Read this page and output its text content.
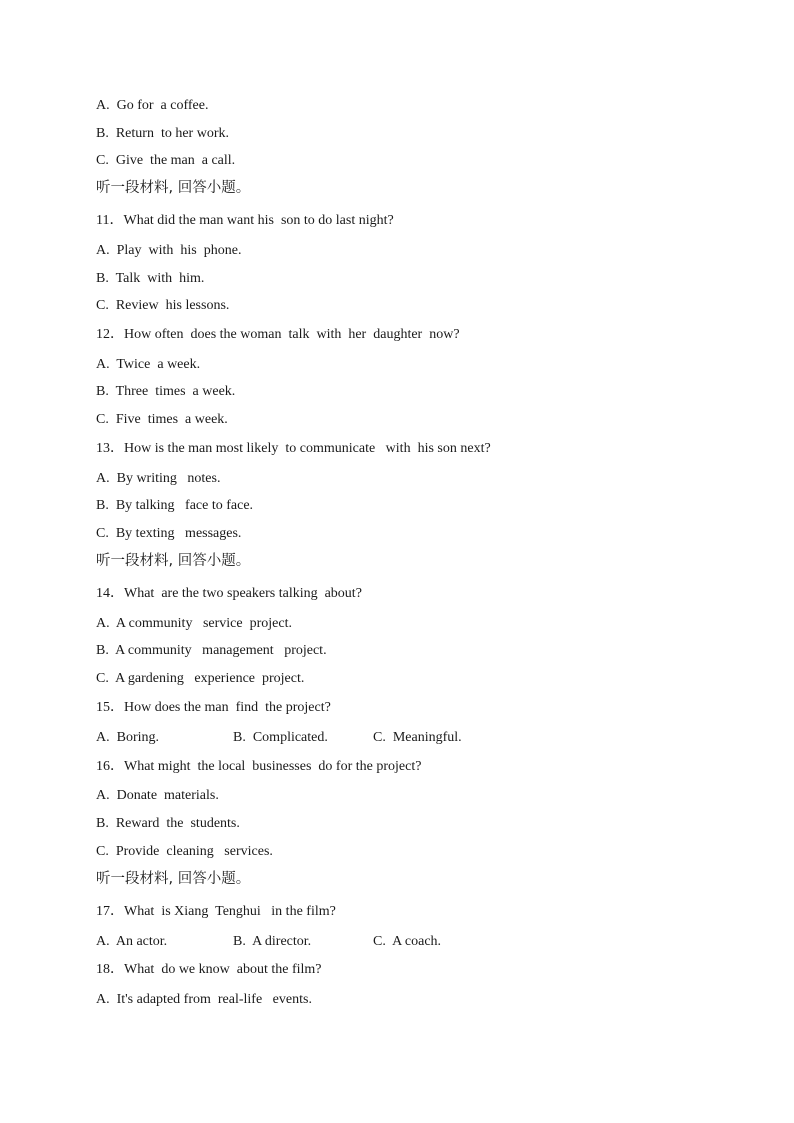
A.  Go for  a coffee.
B.  Return  to her work.
C.  Give  the man  a call.
听一段材料, 回答小题。
11．What did the man want his  son to do last night?
A.  Play  with  his  phone.
B.  Talk  with  him.
C.  Review  his lessons.
12．How often  does the woman  talk  with  her  daughter  now?
A.  Twice  a week.
B.  Three  times  a week.
C.  Five  times  a week.
13．How is the man most likely  to communicate   with  his son next?
A.  By writing   notes.
B.  By talking   face to face.
C.  By texting   messages.
听一段材料, 回答小题。
14．What  are the two speakers talking  about?
A.  A community   service  project.
B.  A community   management   project.
C.  A gardening   experience  project.
15．How does the man  find  the project?

A.  Boring.

	B.  Complicated.

	C.  Meaningful.

16．What might  the local  businesses  do for the project?
A.  Donate  materials.
B.  Reward  the  students.
C.  Provide  cleaning   services.
听一段材料, 回答小题。
17．What  is Xiang  Tenghui   in the film?

A.  An actor.

	B.  A director.

	C.  A coach.

18．What  do we know  about the film?
A.  It's adapted from  real-life   events.
